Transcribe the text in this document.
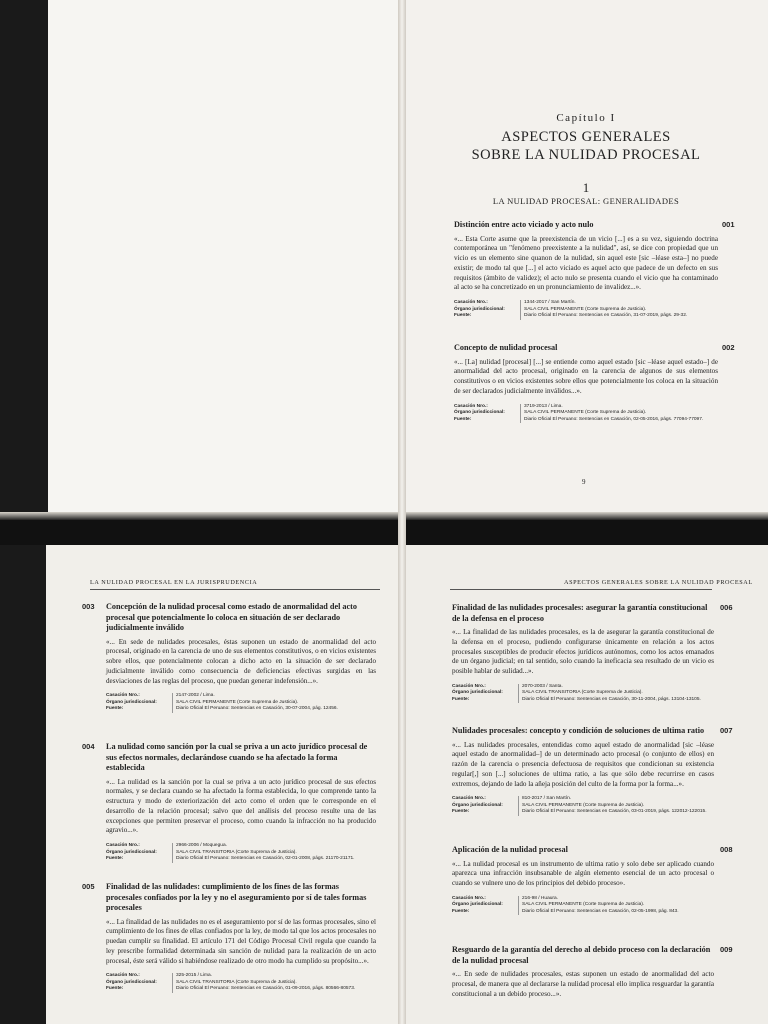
Capítulo I
ASPECTOS GENERALES
SOBRE LA NULIDAD PROCESAL
1
LA NULIDAD PROCESAL: GENERALIDADES
001

Distinción entre acto viciado y acto nulo

«... Esta Corte asume que la preexistencia de un vicio [...] es a su vez, siguiendo doctrina contemporánea un "fenómeno preexistente a la nulidad", así, se dice con propiedad que un vicio es un elemento sine quanon de la nulidad, sin aquel este [sic –léase esta–] no puede existir; de modo tal que [...] el acto viciado es aquel acto que padece de un defecto en sus requisitos (ámbito de validez); el acto nulo se presenta cuando el vicio que ha contaminado al acto se ha concretizado en un pronunciamiento de invalidez...».

Casación Nro.:	1344-2017 / San Martín.
Órgano jurisdiccional:	SALA CIVIL PERMANENTE (Corte Suprema de Justicia).
Fuente:	Diario Oficial El Peruano: Sentencias en Casación, 31-07-2019, págs. 29-32.
002

Concepto de nulidad procesal

«... [La] nulidad [procesal] [...] se entiende como aquel estado [sic –léase aquel estado–] de anormalidad del acto procesal, originado en la carencia de algunos de sus elementos constitutivos o en vicios existentes sobre ellos que potencialmente los coloca en la situación de ser declarados judicialmente inválidos...».

Casación Nro.:	3719-2013 / Lima.
Órgano jurisdiccional:	SALA CIVIL PERMANENTE (Corte Suprema de Justicia).
Fuente:	Diario Oficial El Peruano: Sentencias en Casación, 02-05-2016, págs. 77094-77097.
9
LA NULIDAD PROCESAL EN LA JURISPRUDENCIA
003 Concepción de la nulidad procesal como estado de anormalidad del acto procesal que potencialmente lo coloca en situación de ser declarado judicialmente inválido

«... En sede de nulidades procesales, éstas suponen un estado de anormalidad del acto procesal, originado en la carencia de uno de sus elementos constitutivos, o en vicios existentes sobre ellos, que potencialmente colocan a dicho acto en la situación de ser declarado judicialmente inválido como consecuencia de deficiencias efectivas surgidas en las desviaciones de las reglas del proceso, que puedan generar indefensión...».

Casación Nro.:	2147-2002 / Lima.
Órgano jurisdiccional:	SALA CIVIL PERMANENTE (Corte Suprema de Justicia).
Fuente:	Diario Oficial El Peruano: Sentencias en Casación, 30-07-2004, pág. 12456.
004 La nulidad como sanción por la cual se priva a un acto jurídico procesal de sus efectos normales, declarándose cuando se ha afectado la forma establecida

«... La nulidad es la sanción por la cual se priva a un acto jurídico procesal de sus efectos normales, y se declara cuando se ha afectado la forma establecida, lo que comprende tanto la estructura y modo de exteriorización del acto como el orden que le corresponde en el desarrollo de la relación procesal; salvo que del análisis del proceso resulte una de las excepciones que permiten preservar el proceso, como cuando la infracción no ha producido agravio...».

Casación Nro.:	2966-2006 / Moquegua.
Órgano jurisdiccional:	SALA CIVIL TRANSITORIA (Corte Suprema de Justicia).
Fuente:	Diario Oficial El Peruano: Sentencias en Casación, 02-01-2008, págs. 21170-21171.
005 Finalidad de las nulidades: cumplimiento de los fines de las formas procesales confiados por la ley y no el aseguramiento por sí de tales formas procesales

«... La finalidad de las nulidades no es el aseguramiento por sí de las formas procesales, sino el cumplimiento de los fines de ellas confiados por la ley, de modo tal que los actos procesales no puedan cumplir su finalidad. El artículo 171 del Código Procesal Civil regula que cuando la ley prescribe formalidad determinada sin sanción de nulidad para la realización de un acto procesal, éste será válido si habiéndose realizado de otro modo ha cumplido su propósito...».

Casación Nro.:	325-2015 / Lima.
Órgano jurisdiccional:	SALA CIVIL TRANSITORIA (Corte Suprema de Justicia).
Fuente:	Diario Oficial El Peruano: Sentencias en Casación, 01-09-2016, págs. 80566-80573.
ASPECTOS GENERALES SOBRE LA NULIDAD PROCESAL
006

Finalidad de las nulidades procesales: asegurar la garantía constitucional de la defensa en el proceso

«... La finalidad de las nulidades procesales, es la de asegurar la garantía constitucional de la defensa en el proceso, pudiendo configurarse únicamente en relación a los actos procesales susceptibles de producir efectos jurídicos autónomos, como los actos emanados de un órgano judicial; en tal sentido, solo cuando la ineficacia sea resultado de un vicio es posible hablar de sulidad...».

Casación Nro.:	2070-2003 / Santa.
Órgano jurisdiccional:	SALA CIVIL TRANSITORIA (Corte Suprema de Justicia).
Fuente:	Diario Oficial El Peruano: Sentencias en Casación, 30-11-2004, págs. 13104-13105.
007

Nulidades procesales: concepto y condición de soluciones de ultima ratio

«... Las nulidades procesales, entendidas como aquel estado de anormalidad [sic –léase aquel estado de anormalidad–] de un determinado acto procesal (o conjunto de ellos) en razón de la carencia o presencia defectuosa de requisitos que condicionan su existencia regular[,] son [...] soluciones de ultima ratio, a las que sólo debe recurrirse en casos extremos, dejando de lado la añeja posición del culto de la forma por la forma...».

Casación Nro.:	810-2017 / San Martín.
Órgano jurisdiccional:	SALA CIVIL PERMANENTE (Corte Suprema de Justicia).
Fuente:	Diario Oficial El Peruano: Sentencias en Casación, 03-01-2019, págs. 122012-122015.
008

Aplicación de la nulidad procesal

«... La nulidad procesal es un instrumento de ultima ratio y solo debe ser aplicado cuando aparezca una infracción insubsanable de algún elemento esencial de un acto procesal o cuando se vulnere uno de los principios del debido proceso».

Casación Nro.:	216-98 / Huaura.
Órgano jurisdiccional:	SALA CIVIL PERMANENTE (Corte Suprema de Justicia).
Fuente:	Diario Oficial El Peruano: Sentencias en Casación, 02-05-1998, pág. 843.
009

Resguardo de la garantía del derecho al debido proceso con la declaración de la nulidad procesal

«... En sede de nulidades procesales, estas suponen un estado de anormalidad del acto procesal, de manera que al declararse la nulidad procesal ello implica resguardar la garantía constitucional a un debido proceso...».
